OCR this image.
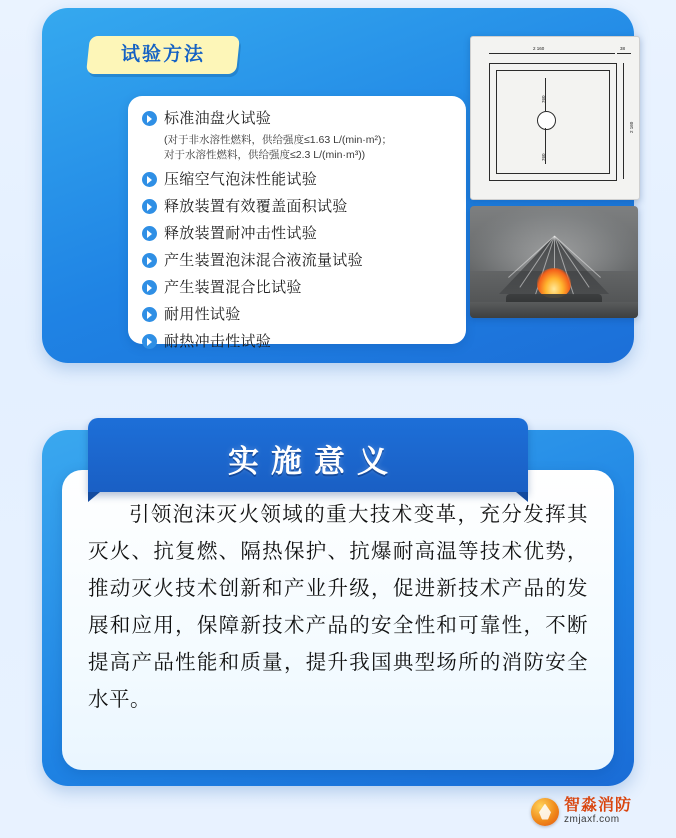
试验方法
标准油盘火试验
(对于非水溶性燃料，供给强度≤1.63 L/(min·m²)；
对于水溶性燃料，供给强度≤2.3 L/(min·m³))
压缩空气泡沫性能试验
释放装置有效覆盖面积试验
释放装置耐冲击性试验
产生装置泡沫混合液流量试验
产生装置混合比试验
耐用性试验
耐热冲击性试验
2 160	38
760
760
2 160

引领泡沫灭火领域的重大技术变革，充分发挥其灭火、抗复燃、隔热保护、抗爆耐高温等技术优势，推动灭火技术创新和产业升级，促进新技术产品的发展和应用，保障新技术产品的安全性和可靠性，不断提高产品性能和质量，提升我国典型场所的消防安全水平。

实施意义
智淼消防
zmjaxf.com
